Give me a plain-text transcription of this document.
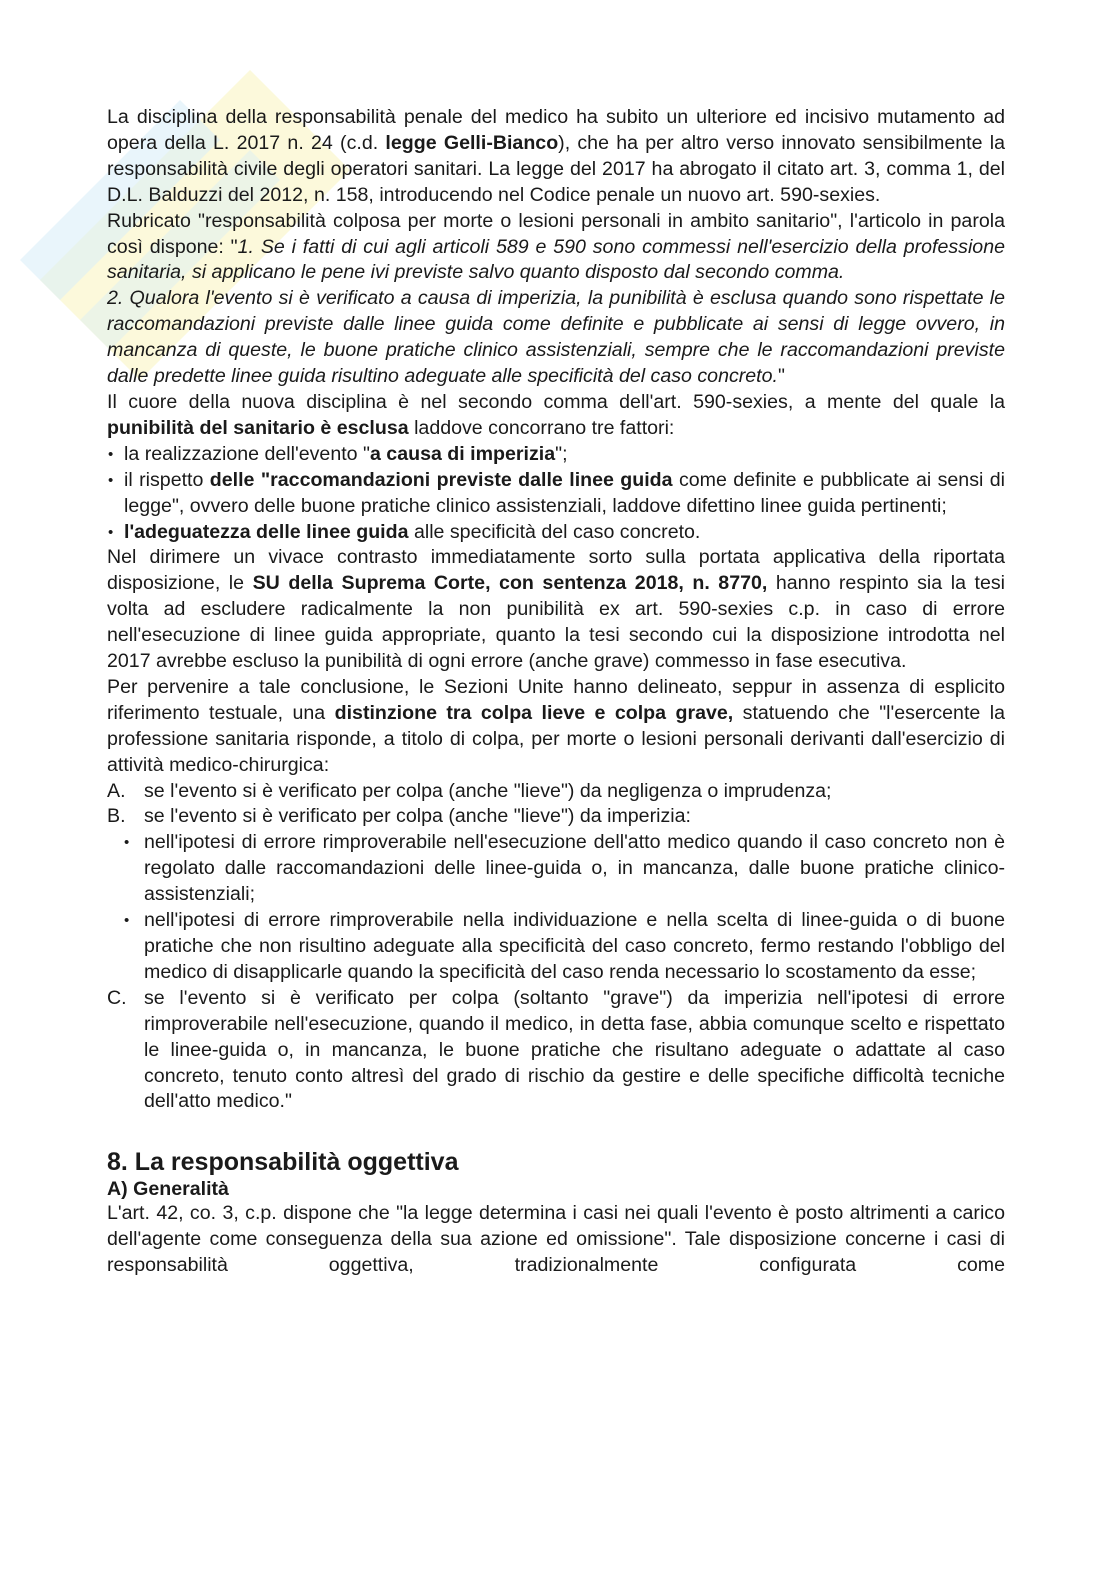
La disciplina della responsabilità penale del medico ha subito un ulteriore ed incisivo mutamento ad opera della L. 2017 n. 24 (c.d. legge Gelli-Bianco), che ha per altro verso innovato sensibilmente la responsabilità civile degli operatori sanitari. La legge del 2017 ha abrogato il citato art. 3, comma 1, del D.L. Balduzzi del 2012, n. 158, introducendo nel Codice penale un nuovo art. 590-sexies.

Rubricato "responsabilità colposa per morte o lesioni personali in ambito sanitario", l'articolo in parola così dispone: "1. Se i fatti di cui agli articoli 589 e 590 sono commessi nell'esercizio della professione sanitaria, si applicano le pene ivi previste salvo quanto disposto dal secondo comma.

2. Qualora l'evento si è verificato a causa di imperizia, la punibilità è esclusa quando sono rispettate le raccomandazioni previste dalle linee guida come definite e pubblicate ai sensi di legge ovvero, in mancanza di queste, le buone pratiche clinico assistenziali, sempre che le raccomandazioni previste dalle predette linee guida risultino adeguate alle specificità del caso concreto."

Il cuore della nuova disciplina è nel secondo comma dell'art. 590-sexies, a mente del quale la punibilità del sanitario è esclusa laddove concorrano tre fattori:

• la realizzazione dell'evento "a causa di imperizia";
• il rispetto delle "raccomandazioni previste dalle linee guida come definite e pubblicate ai sensi di legge", ovvero delle buone pratiche clinico assistenziali, laddove difettino linee guida pertinenti;
• l'adeguatezza delle linee guida alle specificità del caso concreto.

Nel dirimere un vivace contrasto immediatamente sorto sulla portata applicativa della riportata disposizione, le SU della Suprema Corte, con sentenza 2018, n. 8770, hanno respinto sia la tesi volta ad escludere radicalmente la non punibilità ex art. 590-sexies c.p. in caso di errore nell'esecuzione di linee guida appropriate, quanto la tesi secondo cui la disposizione introdotta nel 2017 avrebbe escluso la punibilità di ogni errore (anche grave) commesso in fase esecutiva.

Per pervenire a tale conclusione, le Sezioni Unite hanno delineato, seppur in assenza di esplicito riferimento testuale, una distinzione tra colpa lieve e colpa grave, statuendo che "l'esercente la professione sanitaria risponde, a titolo di colpa, per morte o lesioni personali derivanti dall'esercizio di attività medico-chirurgica:

A. se l'evento si è verificato per colpa (anche "lieve") da negligenza o imprudenza;
B. se l'evento si è verificato per colpa (anche "lieve") da imperizia:
• nell'ipotesi di errore rimproverabile nell'esecuzione dell'atto medico quando il caso concreto non è regolato dalle raccomandazioni delle linee-guida o, in mancanza, dalle buone pratiche clinico-assistenziali;
• nell'ipotesi di errore rimproverabile nella individuazione e nella scelta di linee-guida o di buone pratiche che non risultino adeguate alla specificità del caso concreto, fermo restando l'obbligo del medico di disapplicarle quando la specificità del caso renda necessario lo scostamento da esse;
C. se l'evento si è verificato per colpa (soltanto "grave") da imperizia nell'ipotesi di errore rimproverabile nell'esecuzione, quando il medico, in detta fase, abbia comunque scelto e rispettato le linee-guida o, in mancanza, le buone pratiche che risultano adeguate o adattate al caso concreto, tenuto conto altresì del grado di rischio da gestire e delle specifiche difficoltà tecniche dell'atto medico."
8. La responsabilità oggettiva
A) Generalità

L'art. 42, co. 3, c.p. dispone che "la legge determina i casi nei quali l'evento è posto altrimenti a carico dell'agente come conseguenza della sua azione ed omissione". Tale disposizione concerne i casi di responsabilità oggettiva, tradizionalmente configurata come
